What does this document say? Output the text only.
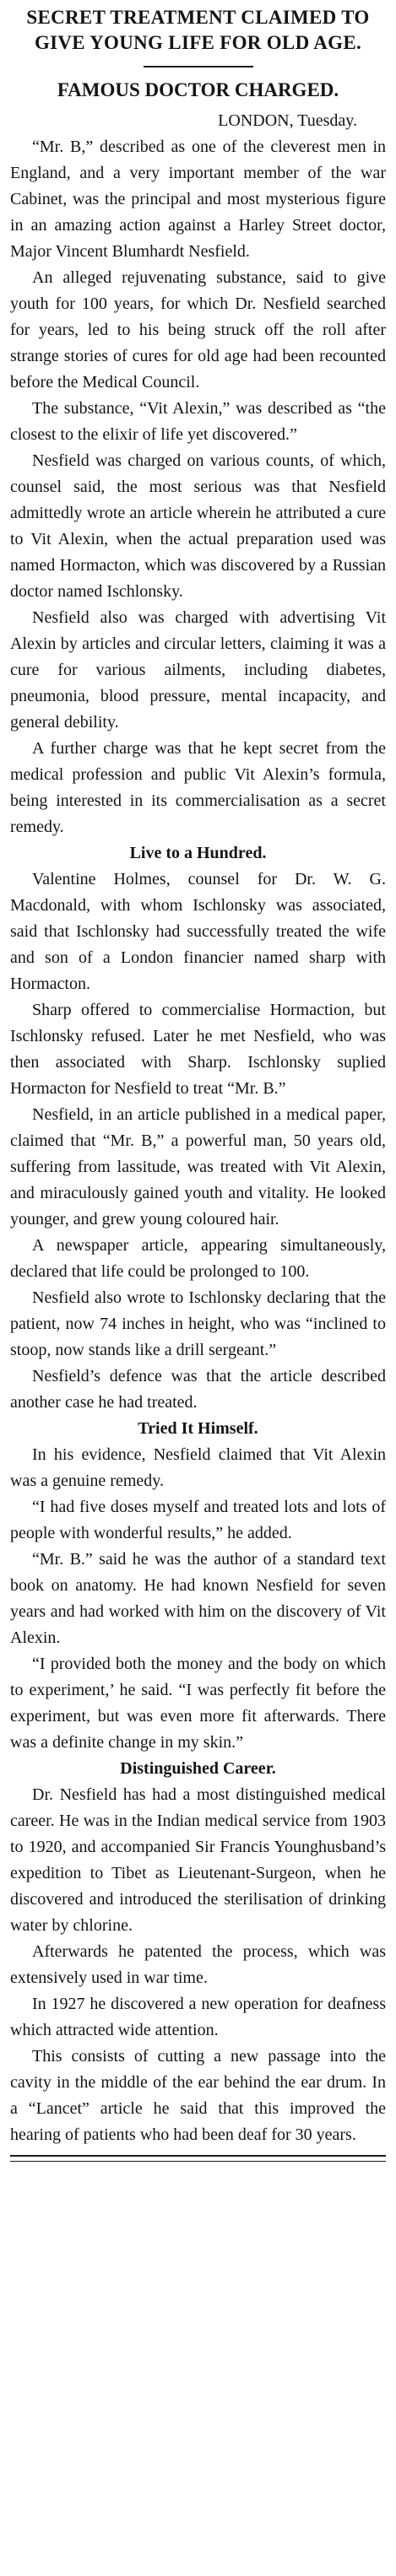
SECRET TREATMENT CLAIMED TO GIVE YOUNG LIFE FOR OLD AGE.
FAMOUS DOCTOR CHARGED.
LONDON, Tuesday.

“Mr. B,” described as one of the cleverest men in England, and a very important member of the war Cabinet, was the principal and most mysterious figure in an amazing action against a Harley Street doctor, Major Vincent Blumhardt Nesfield.

An alleged rejuvenating substance, said to give youth for 100 years, for which Dr. Nesfield searched for years, led to his being struck off the roll after strange stories of cures for old age had been recounted before the Medical Council.

The substance, “Vit Alexin,” was described as “the closest to the elixir of life yet discovered.”

Nesfield was charged on various counts, of which, counsel said, the most serious was that Nesfield admittedly wrote an article wherein he attributed a cure to Vit Alexin, when the actual preparation used was named Hormacton, which was discovered by a Russian doctor named Ischlonsky.

Nesfield also was charged with advertising Vit Alexin by articles and circular letters, claiming it was a cure for various ailments, including diabetes, pneumonia, blood pressure, mental incapacity, and general debility.

A further charge was that he kept secret from the medical profession and public Vit Alexin’s formula, being interested in its commercialisation as a secret remedy.

Live to a Hundred.

Valentine Holmes, counsel for Dr. W. G. Macdonald, with whom Ischlonsky was associated, said that Ischlonsky had successfully treated the wife and son of a London financier named sharp with Hormacton.

Sharp offered to commercialise Hormaction, but Ischlonsky refused. Later he met Nesfield, who was then associated with Sharp. Ischlonsky suplied Hormacton for Nesfield to treat “Mr. B.”

Nesfield, in an article published in a medical paper, claimed that “Mr. B,” a powerful man, 50 years old, suffering from lassitude, was treated with Vit Alexin, and miraculously gained youth and vitality. He looked younger, and grew young coloured hair.

A newspaper article, appearing simultaneously, declared that life could be prolonged to 100.

Nesfield also wrote to Ischlonsky declaring that the patient, now 74 inches in height, who was “inclined to stoop, now stands like a drill sergeant.”

Nesfield’s defence was that the article described another case he had treated.

Tried It Himself.

In his evidence, Nesfield claimed that Vit Alexin was a genuine remedy.

“I had five doses myself and treated lots and lots of people with wonderful results,” he added.

“Mr. B.” said he was the author of a standard text book on anatomy. He had known Nesfield for seven years and had worked with him on the discovery of Vit Alexin.

“I provided both the money and the body on which to experiment,’ he said. “I was perfectly fit before the experiment, but was even more fit afterwards. There was a definite change in my skin.”

Distinguished Career.

Dr. Nesfield has had a most distinguished medical career. He was in the Indian medical service from 1903 to 1920, and accompanied Sir Francis Younghusband’s expedition to Tibet as Lieutenant-Surgeon, when he discovered and introduced the sterilisation of drinking water by chlorine.

Afterwards he patented the process, which was extensively used in war time.

In 1927 he discovered a new operation for deafness which attracted wide attention.

This consists of cutting a new passage into the cavity in the middle of the ear behind the ear drum. In a “Lancet” article he said that this improved the hearing of patients who had been deaf for 30 years.
